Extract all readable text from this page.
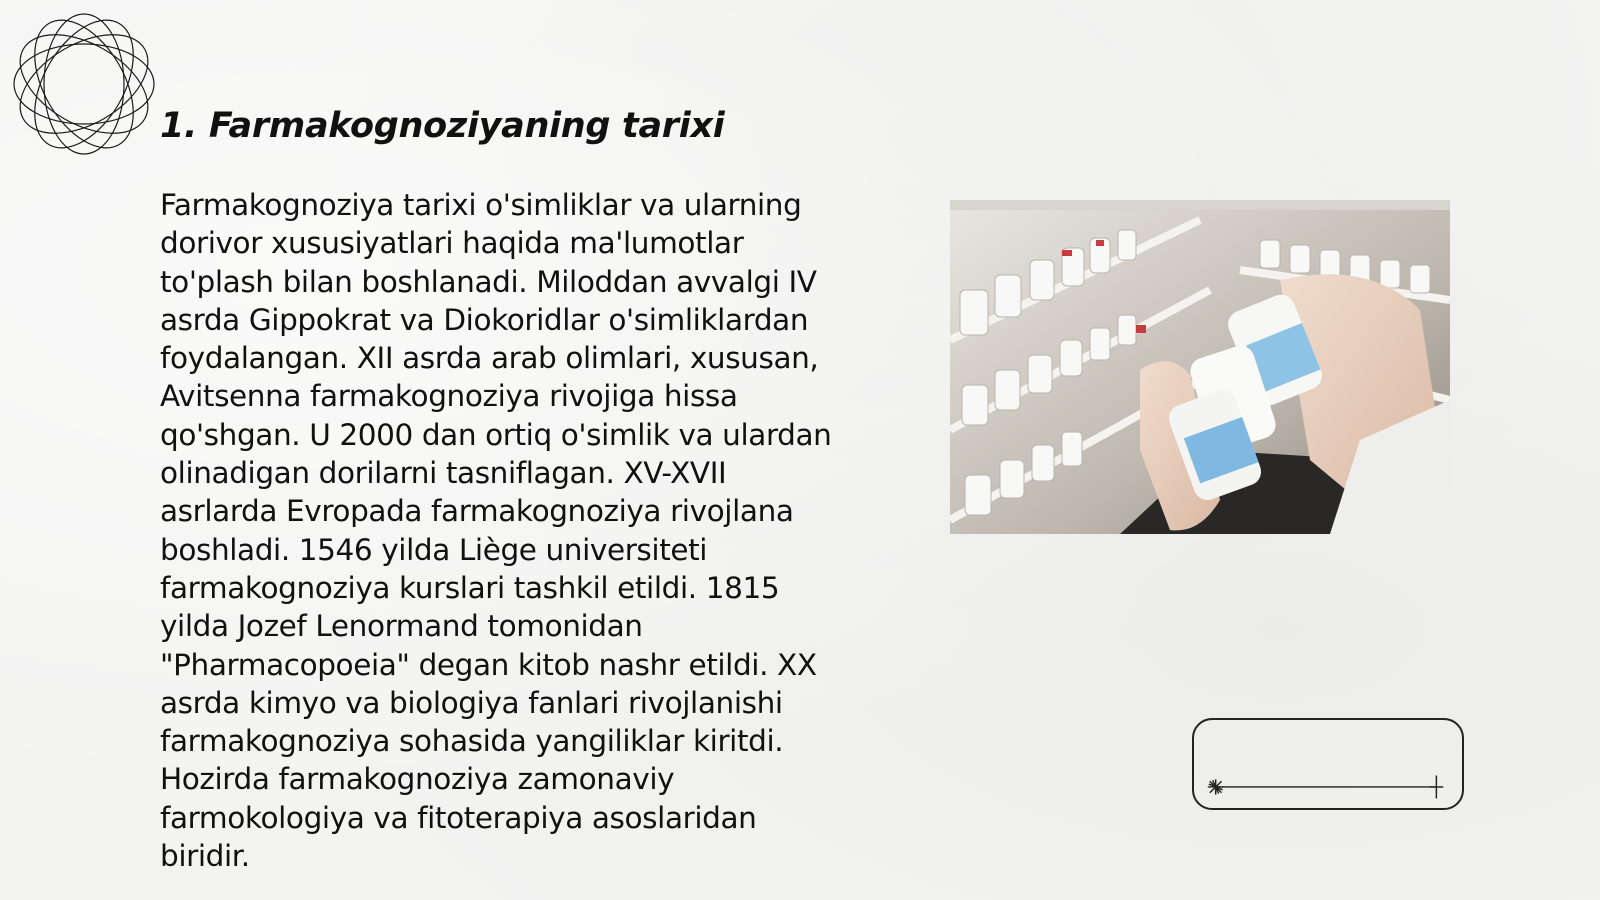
1. Farmakognoziyaning tarixi

Farmakognoziya tarixi o'simliklar va ularning dorivor xususiyatlari haqida ma'lumotlar to'plash bilan boshlanadi. Miloddan avvalgi IV asrda Gippokrat va Diokoridlar o'simliklardan foydalangan. XII asrda arab olimlari, xususan, Avitsenna farmakognoziya rivojiga hissa qo'shgan. U 2000 dan ortiq o'simlik va ulardan olinadigan dorilarni tasniflagan. XV-XVII asrlarda Evropada farmakognoziya rivojlana boshladi. 1546 yilda Liège universiteti farmakognoziya kurslari tashkil etildi. 1815 yilda Jozef Lenormand tomonidan "Pharmacopoeia" degan kitob nashr etildi. XX asrda kimyo va biologiya fanlari rivojlanishi farmakognoziya sohasida yangiliklar kiritdi. Hozirda farmakognoziya zamonaviy farmokologiya va fitoterapiya asoslaridan biridir.
